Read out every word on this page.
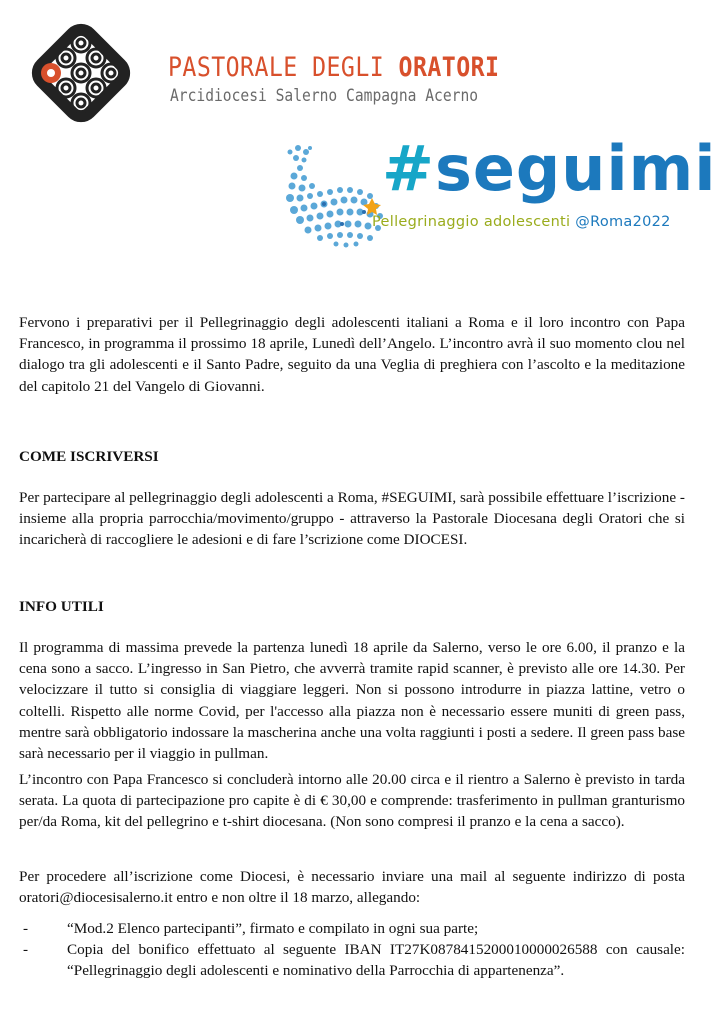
PASTORALE DEGLI ORATORI

Arcidiocesi Salerno Campagna Acerno

#seguimi

Pellegrinaggio adolescenti @Roma2022

Fervono i preparativi per il Pellegrinaggio degli adolescenti italiani a Roma e il loro incontro con Papa Francesco, in programma il prossimo 18 aprile, Lunedì dell’Angelo. L’incontro avrà il suo momento clou nel dialogo tra gli adolescenti e il Santo Padre, seguito da una Veglia di preghiera con l’ascolto e la meditazione del capitolo 21 del Vangelo di Giovanni.

COME ISCRIVERSI

Per partecipare al pellegrinaggio degli adolescenti a Roma, #SEGUIMI, sarà possibile effettuare l’iscrizione - insieme alla propria parrocchia/movimento/gruppo - attraverso la Pastorale Diocesana degli Oratori che si incaricherà di raccogliere le adesioni e di fare l’scrizione come DIOCESI.

INFO UTILI

Il programma di massima prevede la partenza lunedì 18 aprile da Salerno, verso le ore 6.00, il pranzo e la cena sono a sacco. L’ingresso in San Pietro, che avverrà tramite rapid scanner, è previsto alle ore 14.30. Per velocizzare il tutto si consiglia di viaggiare leggeri. Non si possono introdurre in piazza lattine, vetro o coltelli. Rispetto alle norme Covid, per l'accesso alla piazza non è necessario essere muniti di green pass, mentre sarà obbligatorio indossare la mascherina anche una volta raggiunti i posti a sedere. Il green pass base sarà necessario per il viaggio in pullman.

L’incontro con Papa Francesco si concluderà intorno alle 20.00 circa e il rientro a Salerno è previsto in tarda serata. La quota di partecipazione pro capite è di € 30,00 e comprende: trasferimento in pullman granturismo per/da Roma, kit del pellegrino e t-shirt diocesana. (Non sono compresi il pranzo e la cena a sacco).

Per procedere all’iscrizione come Diocesi, è necessario inviare una mail al seguente indirizzo di posta oratori@diocesisalerno.it entro e non oltre il 18 marzo, allegando:

-	“Mod.2 Elenco partecipanti”, firmato e compilato in ogni sua parte;
-	Copia del bonifico effettuato al seguente IBAN IT27K0878415200010000026588 con causale: “Pellegrinaggio degli adolescenti e nominativo della Parrocchia di appartenenza”.
